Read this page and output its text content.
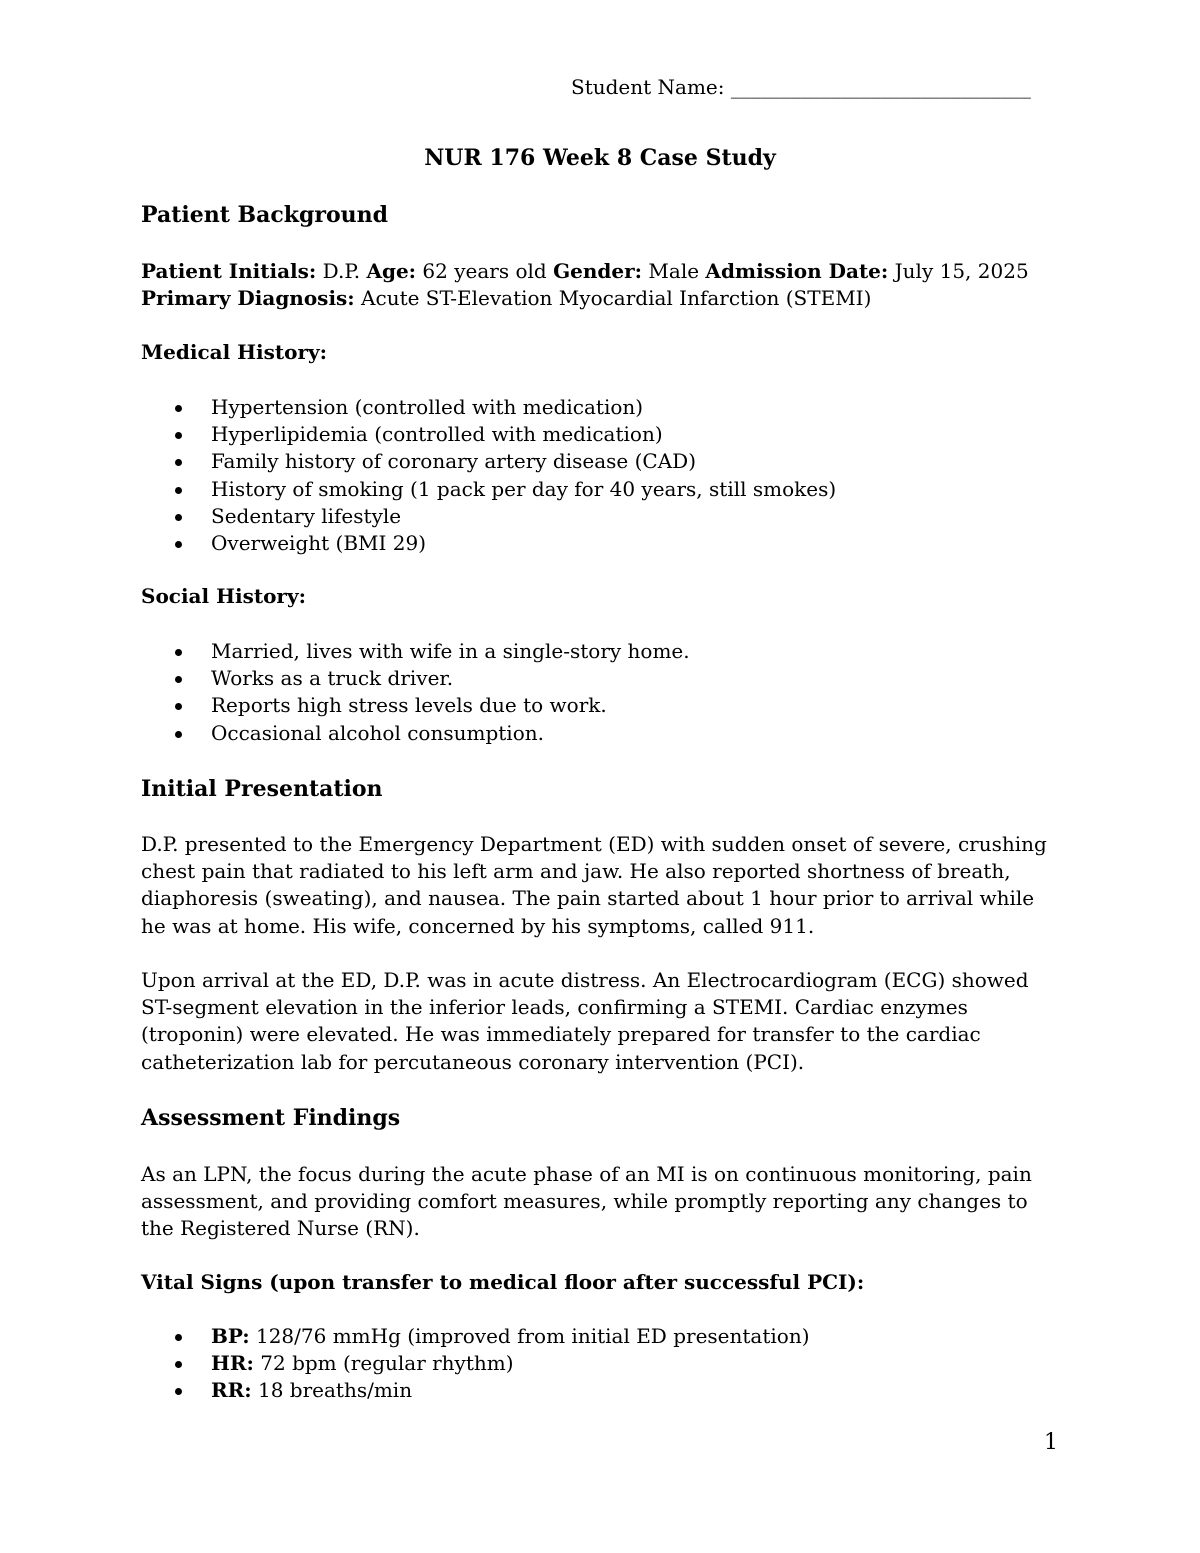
Student Name: ______________________________
NUR 176 Week 8 Case Study
Patient Background
Patient Initials: D.P. Age: 62 years old Gender: Male Admission Date: July 15, 2025
Primary Diagnosis: Acute ST-Elevation Myocardial Infarction (STEMI)
Medical History:
Hypertension (controlled with medication)
Hyperlipidemia (controlled with medication)
Family history of coronary artery disease (CAD)
History of smoking (1 pack per day for 40 years, still smokes)
Sedentary lifestyle
Overweight (BMI 29)
Social History:
Married, lives with wife in a single-story home.
Works as a truck driver.
Reports high stress levels due to work.
Occasional alcohol consumption.
Initial Presentation
D.P. presented to the Emergency Department (ED) with sudden onset of severe, crushing chest pain that radiated to his left arm and jaw. He also reported shortness of breath, diaphoresis (sweating), and nausea. The pain started about 1 hour prior to arrival while he was at home. His wife, concerned by his symptoms, called 911.
Upon arrival at the ED, D.P. was in acute distress. An Electrocardiogram (ECG) showed ST-segment elevation in the inferior leads, confirming a STEMI. Cardiac enzymes (troponin) were elevated. He was immediately prepared for transfer to the cardiac catheterization lab for percutaneous coronary intervention (PCI).
Assessment Findings
As an LPN, the focus during the acute phase of an MI is on continuous monitoring, pain assessment, and providing comfort measures, while promptly reporting any changes to the Registered Nurse (RN).
Vital Signs (upon transfer to medical floor after successful PCI):
BP: 128/76 mmHg (improved from initial ED presentation)
HR: 72 bpm (regular rhythm)
RR: 18 breaths/min
1
